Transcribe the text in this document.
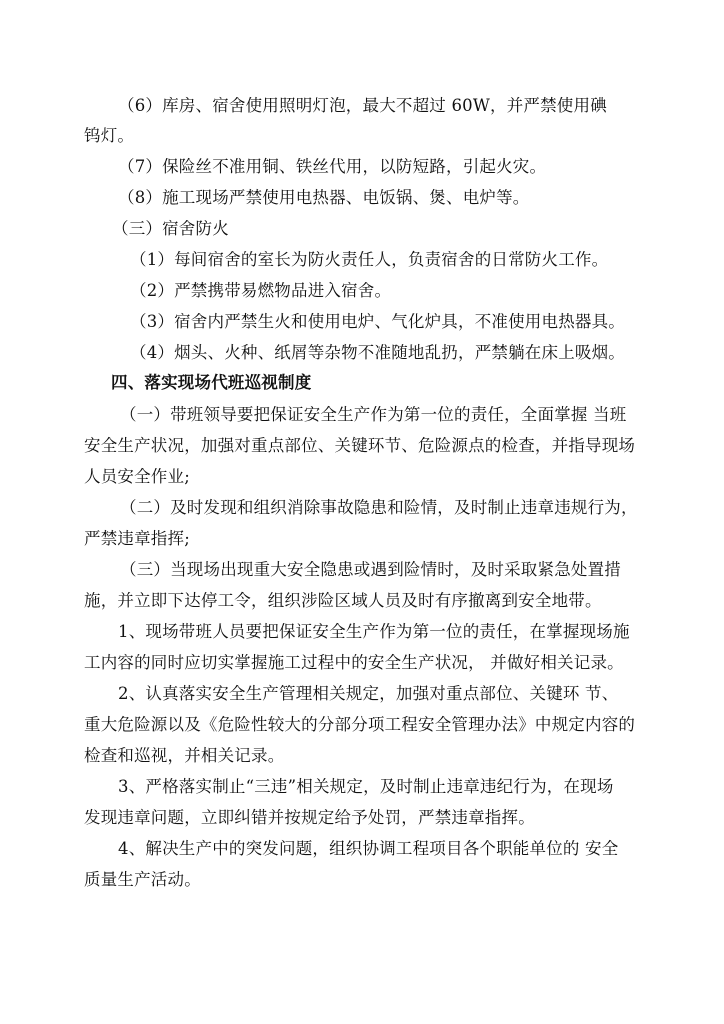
（6）库房、宿舍使用照明灯泡，最大不超过 60W，并严禁使用碘
钨灯。
（7）保险丝不准用铜、铁丝代用，以防短路，引起火灾。
（8）施工现场严禁使用电热器、电饭锅、煲、电炉等。
（三）宿舍防火
（1）每间宿舍的室长为防火责任人，负责宿舍的日常防火工作。
（2）严禁携带易燃物品进入宿舍。
（3）宿舍内严禁生火和使用电炉、气化炉具，不准使用电热器具。
（4）烟头、火种、纸屑等杂物不准随地乱扔，严禁躺在床上吸烟。
四、落实现场代班巡视制度
（一）带班领导要把保证安全生产作为第一位的责任，全面掌握 当班
安全生产状况，加强对重点部位、关键环节、危险源点的检查，并指导现场
人员安全作业;
（二）及时发现和组织消除事故隐患和险情，及时制止违章违规行为，
严禁违章指挥;
（三）当现场出现重大安全隐患或遇到险情时，及时采取紧急处置措
施，并立即下达停工令，组织涉险区域人员及时有序撤离到安全地带。
1、现场带班人员要把保证安全生产作为第一位的责任，在掌握现场施
工内容的同时应切实掌握施工过程中的安全生产状况， 并做好相关记录。
2、认真落实安全生产管理相关规定，加强对重点部位、关键环 节、
重大危险源以及《危险性较大的分部分项工程安全管理办法》中规定内容的
检查和巡视，并相关记录。
3、严格落实制止“三违”相关规定，及时制止违章违纪行为，在现场
发现违章问题，立即纠错并按规定给予处罚，严禁违章指挥。
4、解决生产中的突发问题，组织协调工程项目各个职能单位的 安全
质量生产活动。
